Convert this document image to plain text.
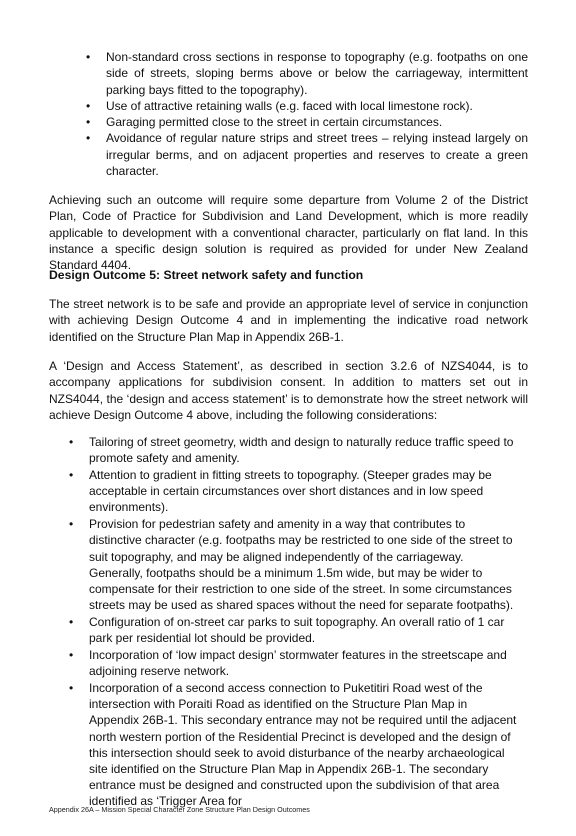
• Non-standard cross sections in response to topography (e.g. footpaths on one side of streets, sloping berms above or below the carriageway, intermittent parking bays fitted to the topography).
• Use of attractive retaining walls (e.g. faced with local limestone rock).
• Garaging permitted close to the street in certain circumstances.
• Avoidance of regular nature strips and street trees – relying instead largely on irregular berms, and on adjacent properties and reserves to create a green character.

Achieving such an outcome will require some departure from Volume 2 of the District Plan, Code of Practice for Subdivision and Land Development, which is more readily applicable to development with a conventional character, particularly on flat land. In this instance a specific design solution is required as provided for under New Zealand Standard 4404.

Design Outcome 5: Street network safety and function

The street network is to be safe and provide an appropriate level of service in conjunction with achieving Design Outcome 4 and in implementing the indicative road network identified on the Structure Plan Map in Appendix 26B-1.

A ‘Design and Access Statement’, as described in section 3.2.6 of NZS4044, is to accompany applications for subdivision consent. In addition to matters set out in NZS4044, the ‘design and access statement’ is to demonstrate how the street network will achieve Design Outcome 4 above, including the following considerations:

• Tailoring of street geometry, width and design to naturally reduce traffic speed to promote safety and amenity.
• Attention to gradient in fitting streets to topography. (Steeper grades may be acceptable in certain circumstances over short distances and in low speed environments).
• Provision for pedestrian safety and amenity in a way that contributes to distinctive character (e.g. footpaths may be restricted to one side of the street to suit topography, and may be aligned independently of the carriageway. Generally, footpaths should be a minimum 1.5m wide, but may be wider to compensate for their restriction to one side of the street. In some circumstances streets may be used as shared spaces without the need for separate footpaths).
• Configuration of on-street car parks to suit topography. An overall ratio of 1 car park per residential lot should be provided.
• Incorporation of ‘low impact design’ stormwater features in the streetscape and adjoining reserve network.
• Incorporation of a second access connection to Puketitiri Road west of the intersection with Poraiti Road as identified on the Structure Plan Map in Appendix 26B-1. This secondary entrance may not be required until the adjacent north western portion of the Residential Precinct is developed and the design of this intersection should seek to avoid disturbance of the nearby archaeological site identified on the Structure Plan Map in Appendix 26B-1. The secondary entrance must be designed and constructed upon the subdivision of that area identified as ‘Trigger Area for
Appendix 26A – Mission Special Character Zone Structure Plan Design Outcomes
